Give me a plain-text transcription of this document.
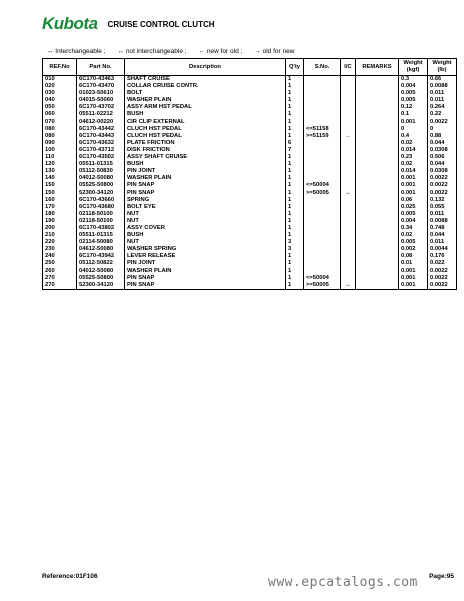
Kubota CRUISE CONTROL CLUTCH
↔ Interchangeable ; ↔ not interchangeable ; ← new for old ; → old for new
REF.No	Part No.	Description	Q'ty	S.No.	I/C	REMARKS	Weight (kgf)	Weight (lb)
010	6C170-43463	SHAFT CRUISE	1				0.3	0.66
020	6C170-43470	COLLAR CRUISE CONTR.	1				0.004	0.0088
030	01023-50610	BOLT	1				0.005	0.011
040	04015-50060	WASHER PLAIN	1				0.005	0.011
050	6C170-43702	ASSY ARM HST PEDAL	1				0.12	0.264
060	05511-02212	BUSH	1				0.1	0.22
070	04612-00220	CIR CLIP EXTERNAL	1				0.001	0.0022
080	6C170-43442	CLUCH HST PEDAL	1	<=51158			0	0
080	6C170-43443	CLUCH HST PEDAL	1	>=51159	←		0.4	0.88
090	6C170-43632	PLATE FRICTION	6				0.02	0.044
100	6C170-43712	DISK FRICTION	7				0.014	0.0308
110	6C170-43502	ASSY SHAFT CRUISE	1				0.23	0.506
120	05511-01315	BUSH	1				0.02	0.044
130	05112-50830	PIN JOINT	1				0.014	0.0308
140	04012-50080	WASHER PLAIN	1				0.001	0.0022
150	05525-50800	PIN SNAP	1	<=50004			0.001	0.0022
150	52300-34120	PIN SNAP	1	>=50005	↔		0.001	0.0022
160	6C170-43660	SPRING	1				0.06	0.132
170	6C170-43680	BOLT EYE	1				0.025	0.055
180	02118-50100	NUT	1				0.005	0.011
190	02118-50100	NUT	1				0.004	0.0088
200	6C170-43802	ASSY COVER	1				0.34	0.748
210	05511-01315	BUSH	1				0.02	0.044
220	02114-50080	NUT	3				0.005	0.011
230	04612-50080	WASHER SPRING	3				0.002	0.0044
240	6C170-43942	LEVER RELEASE	1				0.08	0.176
250	05112-50822	PIN JOINT	1				0.01	0.022
260	04012-50080	WASHER PLAIN	1				0.001	0.0022
270	05525-50800	PIN SNAP	1	<=50004			0.001	0.0022
270	52300-34120	PIN SNAP	1	>=50005	↔		0.001	0.0022
Reference:01F106	Page:95
www.epcatalogs.com
